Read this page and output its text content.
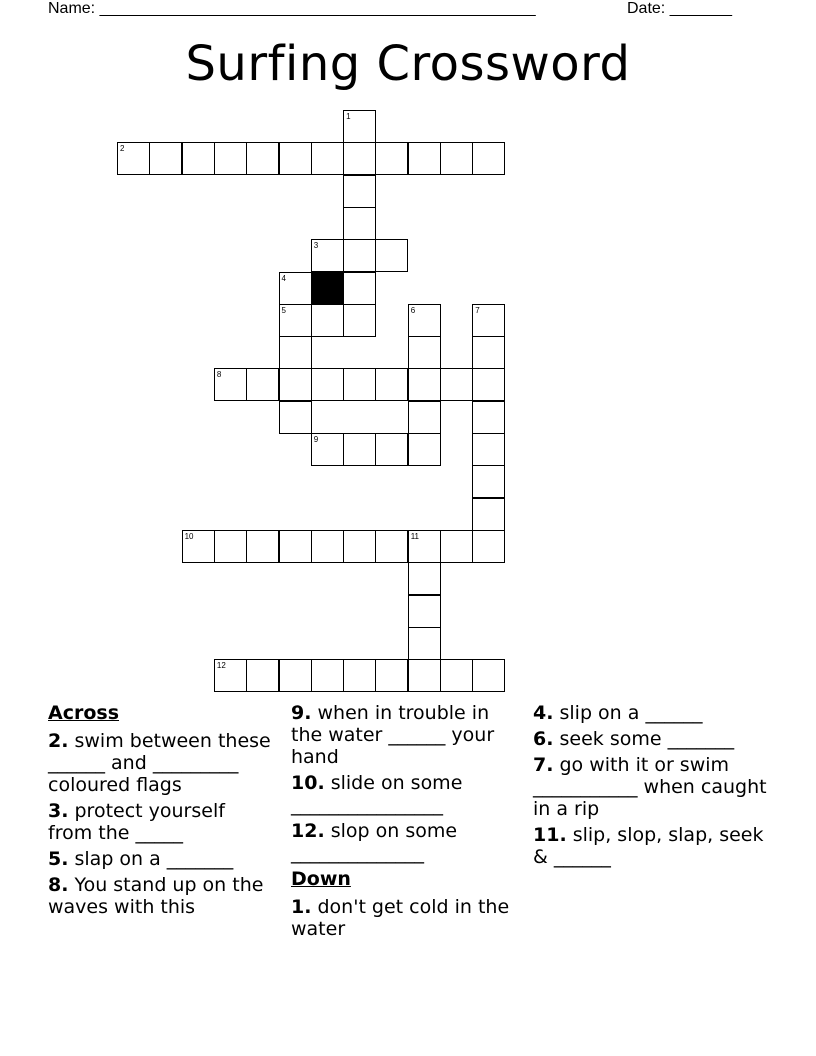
Name: _________________________________________________	Date: _______
Surfing Crossword
2
3
5
8
9
10	11
12
1
4
6	7
Across
2. swim between these ______ and _________ coloured flags
3. protect yourself from the _____
5. slap on a _______
8. You stand up on the waves with this
9. when in trouble in the water ______ your hand
10. slide on some ________________
12. slop on some ______________
Down
1. don't get cold in the water
4. slip on a ______
6. seek some _______
7. go with it or swim ___________ when caught in a rip
11. slip, slop, slap, seek & ______
